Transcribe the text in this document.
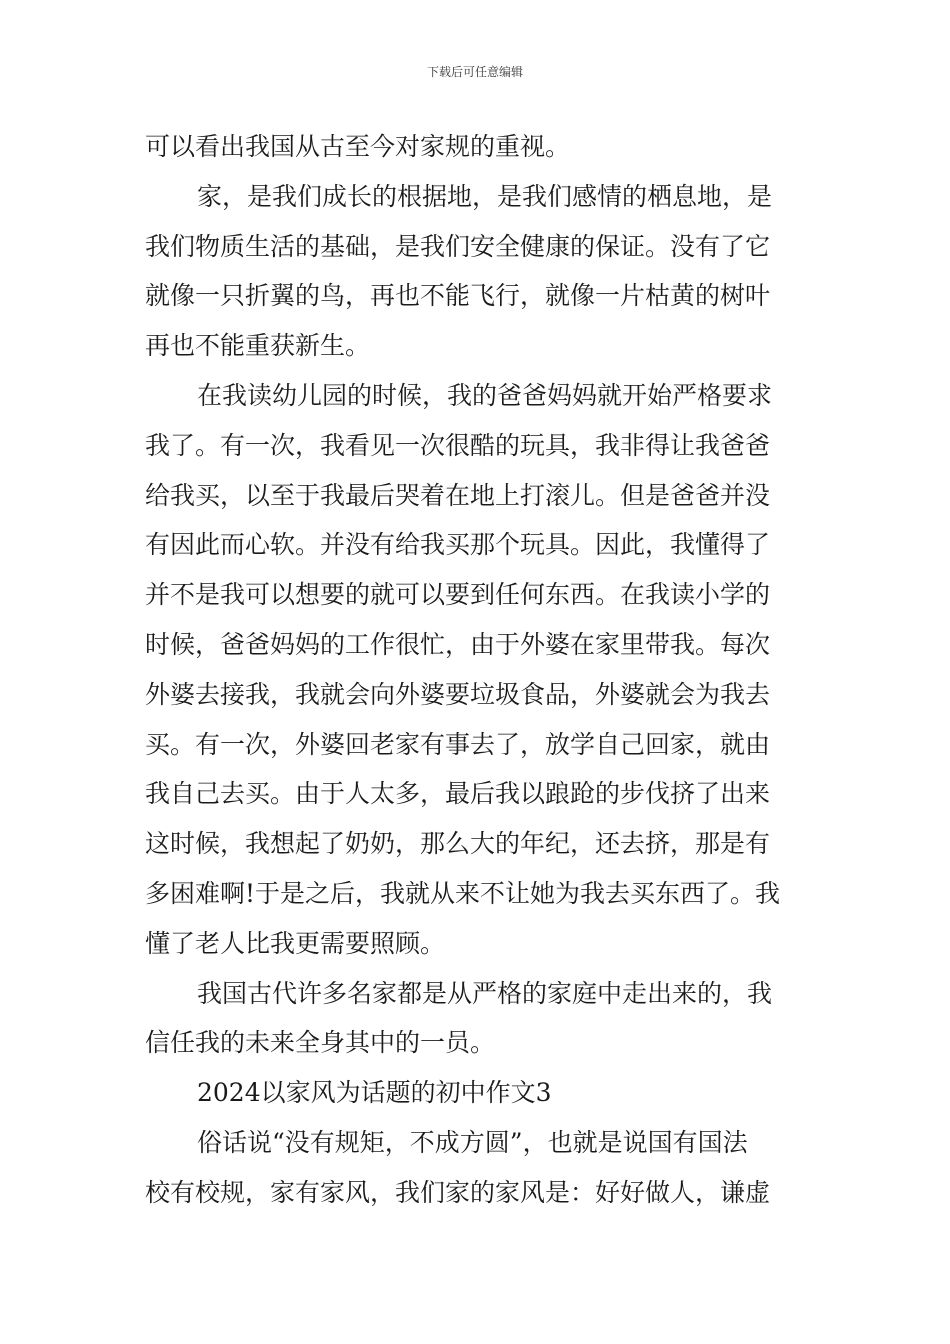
下载后可任意编辑
可以看出我国从古至今对家规的重视。
家，是我们成长的根据地，是我们感情的栖息地，是
我们物质生活的基础，是我们安全健康的保证。没有了它
就像一只折翼的鸟，再也不能飞行，就像一片枯黄的树叶
再也不能重获新生。
在我读幼儿园的时候，我的爸爸妈妈就开始严格要求
我了。有一次，我看见一次很酷的玩具，我非得让我爸爸
给我买，以至于我最后哭着在地上打滚儿。但是爸爸并没
有因此而心软。并没有给我买那个玩具。因此，我懂得了
并不是我可以想要的就可以要到任何东西。在我读小学的
时候，爸爸妈妈的工作很忙，由于外婆在家里带我。每次
外婆去接我，我就会向外婆要垃圾食品，外婆就会为我去
买。有一次，外婆回老家有事去了，放学自己回家，就由
我自己去买。由于人太多，最后我以踉跄的步伐挤了出来
这时候，我想起了奶奶，那么大的年纪，还去挤，那是有
多困难啊!于是之后，我就从来不让她为我去买东西了。我
懂了老人比我更需要照顾。
我国古代许多名家都是从严格的家庭中走出来的，我
信任我的未来全身其中的一员。
2024以家风为话题的初中作文3
俗话说“没有规矩，不成方圆”，也就是说国有国法
校有校规，家有家风，我们家的家风是：好好做人，谦虚
